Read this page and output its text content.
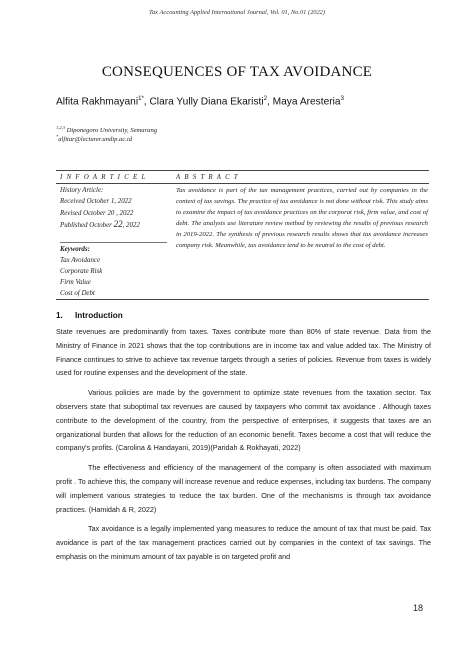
Tax Accounting Applied International Journal, Vol. 01, No.01 (2022)
CONSEQUENCES OF TAX AVOIDANCE
Alfita Rakhmayani$^{1*}$, Clara Yully Diana Ekaristi$^2$, Maya Aresteria$^3$
$^{1,2,3}$ Diponegoro University, Semarang
*alfitar@lecturer.undip.ac.id
I N F O A R T I C E L	A B S T R A C T
History Article:
Received October 1, 2022
Revised October 20 , 2022
Published October 22, 2022
Keywords:
Tax Avoidance
Corporate Risk
Firm Value
Cost of Debt
Tax avoidance is part of the tax management practices, carried out by companies in the context of tax savings. The practice of tax avoidance is not done without risk. This study aims to examine the impact of tax avoidance practices on the corporat risk, firm value, and cost of debt. The analysis use literature review method by reviewing the results of previous research in 2019-2022. The synthesis of previous research results shows that tax avoidance increases company risk. Meanwhile, tax avoidance tend to be neutral to the cost of debt.
1. Introduction

State revenues are predominantly from taxes. Taxes contribute more than 80% of state revenue. Data from the Ministry of Finance in 2021 shows that the top contributions are in income tax and value added tax. The Ministry of Finance continues to strive to achieve tax revenue targets through a series of policies. Revenue from taxes is widely used for routine expenses and the development of the state.

Various policies are made by the government to optimize state revenues from the taxation sector. Tax observers state that suboptimal tax revenues are caused by taxpayers who commit tax avoidance . Although taxes contribute to the development of the country, from the perspective of enterprises, it suggests that taxes are an organizational burden that allows for the reduction of an economic benefit. Taxes become a cost that will reduce the company's profits. (Carolina & Handayani, 2019)(Paridah & Rokhayati, 2022)

The effectiveness and efficiency of the management of the company is often associated with maximum profit . To achieve this, the company will increase revenue and reduce expenses, including tax burdens. The company will implement various strategies to reduce the tax burden. One of the mechanisms is through tax avoidance practices. (Hamidah & R, 2022)

Tax avoidance is a legally implemented yang measures to reduce the amount of tax that must be paid. Tax avoidance is part of the tax management practices carried out by companies in the context of tax savings. The emphasis on the minimum amount of tax payable is on targeted profit and

18
